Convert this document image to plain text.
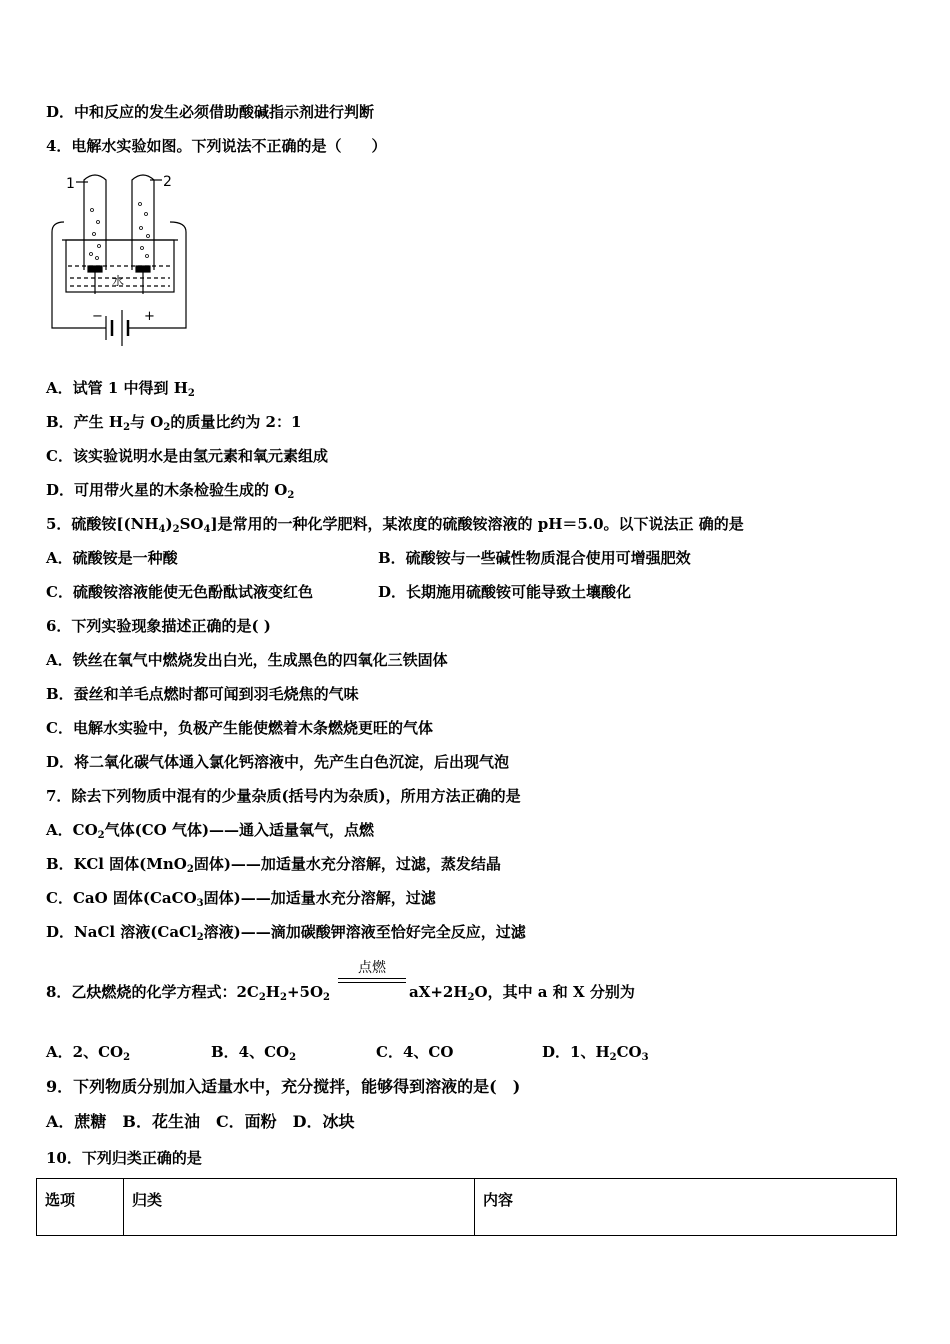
D．中和反应的发生必须借助酸碱指示剂进行判断
4．电解水实验如图。下列说法不正确的是（　　）
1	2
水
−	+
A．试管 1 中得到 $H_2$
B．产生 $H_2$与 $O_2$的质量比约为 2：1
C．该实验说明水是由氢元素和氧元素组成
D．可用带火星的木条检验生成的 $O_2$
5．硫酸铵$[(NH_4)_2SO_4]$是常用的一种化学肥料，某浓度的硫酸铵溶液的 pH＝5.0。以下说法正 确的是
A．硫酸铵是一种酸	B．硫酸铵与一些碱性物质混合使用可增强肥效
C．硫酸铵溶液能使无色酚酞试液变红色	D．长期施用硫酸铵可能导致土壤酸化
6．下列实验现象描述正确的是( )
A．铁丝在氧气中燃烧发出白光，生成黑色的四氧化三铁固体
B．蚕丝和羊毛点燃时都可闻到羽毛烧焦的气味
C．电解水实验中，负极产生能使燃着木条燃烧更旺的气体
D．将二氧化碳气体通入氯化钙溶液中，先产生白色沉淀，后出现气泡
7．除去下列物质中混有的少量杂质(括号内为杂质)，所用方法正确的是
A．$CO_2$气体(CO 气体)——通入适量氧气，点燃
B．KCl 固体(MnO$_2$固体)——加适量水充分溶解，过滤，蒸发结晶
C．CaO 固体(CaCO$_3$固体)——加适量水充分溶解，过滤
D．NaCl 溶液(CaCl$_2$溶液)——滴加碳酸钾溶液至恰好完全反应，过滤
点燃
8．乙炔燃烧的化学方程式：$2C_2H_2+5O_2$	$aX+2H_2O$，其中 a 和 X 分别为
A．2、$CO_2$	B．4、$CO_2$	C．4、CO	D．1、$H_2CO_3$
9．下列物质分别加入适量水中，充分搅拌，能够得到溶液的是(　)
A．蔗糖　B．花生油　C．面粉　D．冰块
10．下列归类正确的是
选项	归类	内容
